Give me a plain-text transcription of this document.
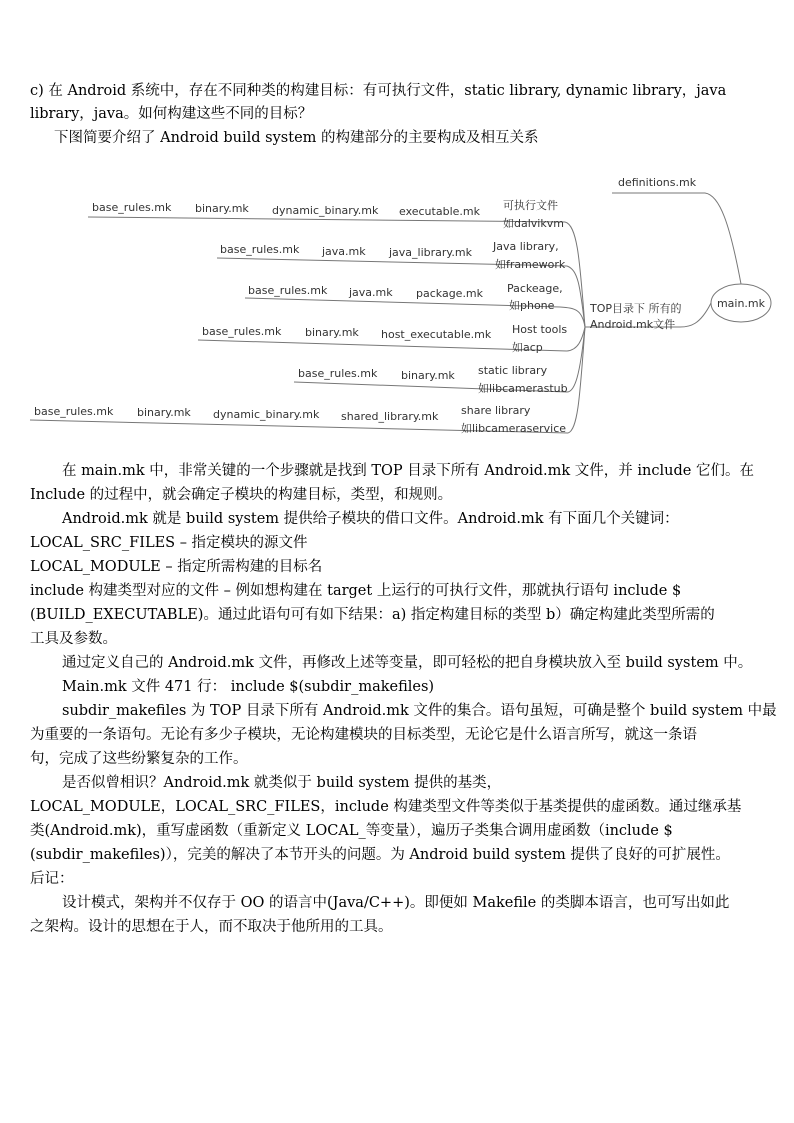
c) 在 Android 系统中，存在不同种类的构建目标：有可执行文件，static library, dynamic library，java
library，java。如何构建这些不同的目标？
下图简要介绍了 Android build system 的构建部分的主要构成及相互关系
main.mk
definitions.mk
TOP目录下 所有的
Android.mk文件
可执行文件
如dalvikvm
base_rules.mk binary.mk dynamic_binary.mk executable.mk
Java library,
如framework
base_rules.mk java.mk java_library.mk
Packeage,
如phone
base_rules.mk java.mk package.mk
Host tools
如acp
base_rules.mk binary.mk host_executable.mk
static library
如libcamerastub
base_rules.mk binary.mk
share library
如libcameraservice
base_rules.mk binary.mk dynamic_binary.mk shared_library.mk
在 main.mk 中，非常关键的一个步骤就是找到 TOP 目录下所有 Android.mk 文件，并 include 它们。在
Include 的过程中，就会确定子模块的构建目标，类型，和规则。
Android.mk 就是 build system 提供给子模块的借口文件。Android.mk 有下面几个关键词：
LOCAL_SRC_FILES – 指定模块的源文件
LOCAL_MODULE – 指定所需构建的目标名
include 构建类型对应的文件 – 例如想构建在 target 上运行的可执行文件，那就执行语句 include $
(BUILD_EXECUTABLE)。通过此语句可有如下结果：a) 指定构建目标的类型 b）确定构建此类型所需的
工具及参数。
通过定义自己的 Android.mk 文件，再修改上述等变量，即可轻松的把自身模块放入至 build system 中。
Main.mk 文件 471 行： include $(subdir_makefiles)
subdir_makefiles 为 TOP 目录下所有 Android.mk 文件的集合。语句虽短，可确是整个 build system 中最
为重要的一条语句。无论有多少子模块，无论构建模块的目标类型，无论它是什么语言所写，就这一条语
句，完成了这些纷繁复杂的工作。
是否似曾相识？Android.mk 就类似于 build system 提供的基类，
LOCAL_MODULE，LOCAL_SRC_FILES，include 构建类型文件等类似于基类提供的虚函数。通过继承基
类(Android.mk)，重写虚函数（重新定义 LOCAL_等变量），遍历子类集合调用虚函数（include $
(subdir_makefiles)），完美的解决了本节开头的问题。为 Android build system 提供了良好的可扩展性。
后记：
设计模式，架构并不仅存于 OO 的语言中(Java/C++)。即便如 Makefile 的类脚本语言，也可写出如此
之架构。设计的思想在于人，而不取决于他所用的工具。
